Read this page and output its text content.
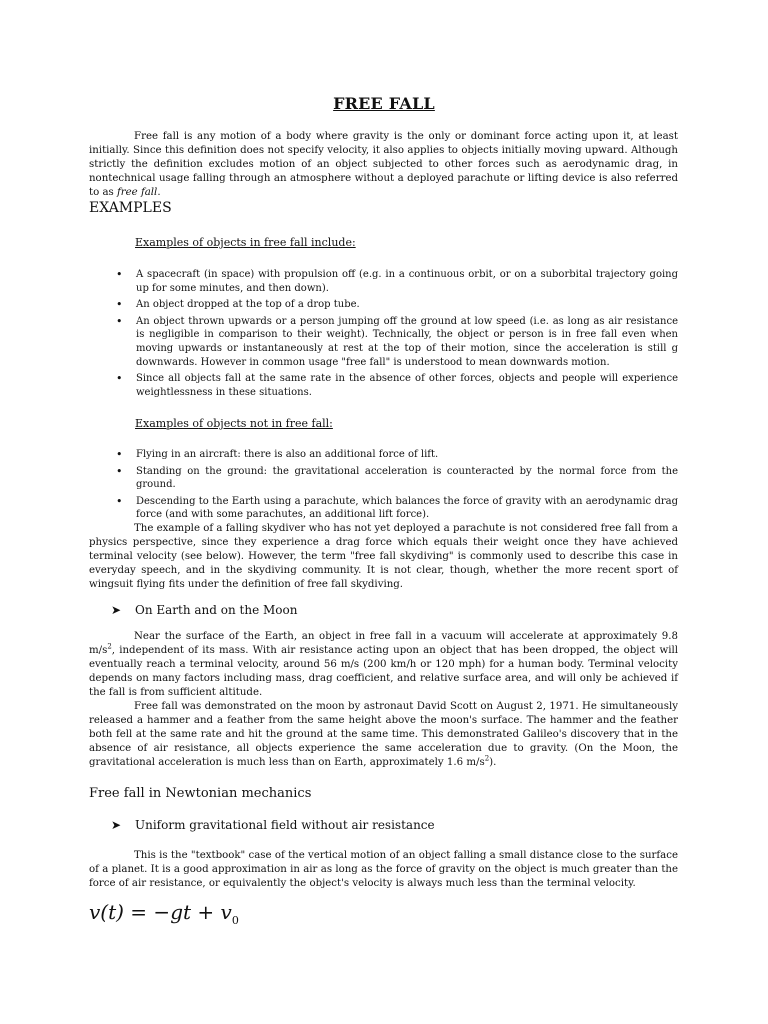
FREE FALL

Free fall is any motion of a body where gravity is the only or dominant force acting upon it, at least initially. Since this definition does not specify velocity, it also applies to objects initially moving upward. Although strictly the definition excludes motion of an object subjected to other forces such as aerodynamic drag, in nontechnical usage falling through an atmosphere without a deployed parachute or lifting device is also referred to as free fall.

EXAMPLES
Examples of objects in free fall include:
• A spacecraft (in space) with propulsion off (e.g. in a continuous orbit, or on a suborbital trajectory going up for some minutes, and then down).
• An object dropped at the top of a drop tube.
• An object thrown upwards or a person jumping off the ground at low speed (i.e. as long as air resistance is negligible in comparison to their weight). Technically, the object or person is in free fall even when moving upwards or instantaneously at rest at the top of their motion, since the acceleration is still g downwards. However in common usage "free fall" is understood to mean downwards motion.
• Since all objects fall at the same rate in the absence of other forces, objects and people will experience weightlessness in these situations.
Examples of objects not in free fall:
• Flying in an aircraft: there is also an additional force of lift.
• Standing on the ground: the gravitational acceleration is counteracted by the normal force from the ground.
• Descending to the Earth using a parachute, which balances the force of gravity with an aerodynamic drag force (and with some parachutes, an additional lift force).

The example of a falling skydiver who has not yet deployed a parachute is not considered free fall from a physics perspective, since they experience a drag force which equals their weight once they have achieved terminal velocity (see below). However, the term "free fall skydiving" is commonly used to describe this case in everyday speech, and in the skydiving community. It is not clear, though, whether the more recent sport of wingsuit flying fits under the definition of free fall skydiving.

➤ On Earth and on the Moon

Near the surface of the Earth, an object in free fall in a vacuum will accelerate at approximately 9.8 $m/s^2$, independent of its mass. With air resistance acting upon an object that has been dropped, the object will eventually reach a terminal velocity, around 56 m/s (200 km/h or 120 mph) for a human body. Terminal velocity depends on many factors including mass, drag coefficient, and relative surface area, and will only be achieved if the fall is from sufficient altitude.

Free fall was demonstrated on the moon by astronaut David Scott on August 2, 1971. He simultaneously released a hammer and a feather from the same height above the moon's surface. The hammer and the feather both fell at the same rate and hit the ground at the same time. This demonstrated Galileo's discovery that in the absence of air resistance, all objects experience the same acceleration due to gravity. (On the Moon, the gravitational acceleration is much less than on Earth, approximately 1.6 $m/s^2$).

Free fall in Newtonian mechanics
➤ Uniform gravitational field without air resistance

This is the "textbook" case of the vertical motion of an object falling a small distance close to the surface of a planet. It is a good approximation in air as long as the force of gravity on the object is much greater than the force of air resistance, or equivalently the object's velocity is always much less than the terminal velocity.

$v(t) = -gt + v_0$
